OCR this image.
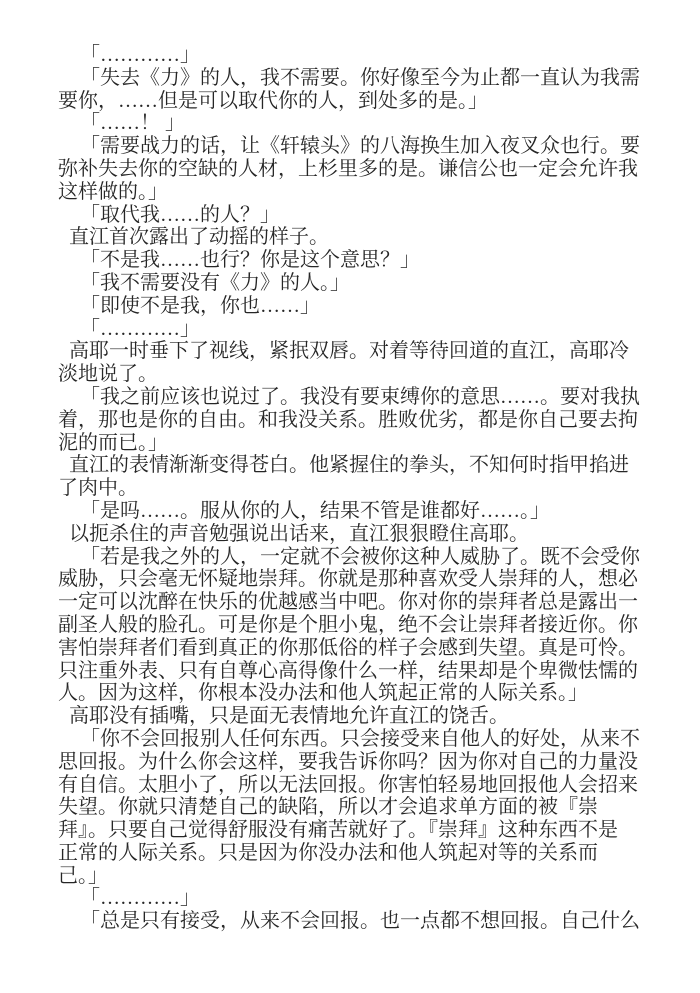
「…………」
「失去《力》的人，我不需要。你好像至今为止都一直认为我需
要你，……但是可以取代你的人，到处多的是。」
「……！ 」
「需要战力的话，让《轩辕头》的八海换生加入夜叉众也行。要
弥补失去你的空缺的人材，上杉里多的是。谦信公也一定会允许我
这样做的。」
「取代我……的人？」
直江首次露出了动摇的样子。
「不是我……也行？你是这个意思？」
「我不需要没有《力》的人。」
「即使不是我，你也……」
「…………」
高耶一时垂下了视线，紧抿双唇。对着等待回道的直江，高耶冷
淡地说了。
「我之前应该也说过了。我没有要束缚你的意思……。要对我执
着，那也是你的自由。和我没关系。胜败优劣，都是你自己要去拘
泥的而已。」
直江的表情渐渐变得苍白。他紧握住的拳头，不知何时指甲掐进
了肉中。
「是吗……。服从你的人，结果不管是谁都好……。」
以扼杀住的声音勉强说出话来，直江狠狠瞪住高耶。
「若是我之外的人，一定就不会被你这种人威胁了。既不会受你
威胁，只会毫无怀疑地崇拜。你就是那种喜欢受人崇拜的人，想必
一定可以沈醉在快乐的优越感当中吧。你对你的崇拜者总是露出一
副圣人般的脸孔。可是你是个胆小鬼，绝不会让崇拜者接近你。你
害怕崇拜者们看到真正的你那低俗的样子会感到失望。真是可怜。
只注重外表、只有自尊心高得像什么一样，结果却是个卑微怯懦的
人。因为这样，你根本没办法和他人筑起正常的人际关系。」
高耶没有插嘴，只是面无表情地允许直江的饶舌。
「你不会回报别人任何东西。只会接受来自他人的好处，从来不
思回报。为什么你会这样，要我告诉你吗？因为你对自己的力量没
有自信。太胆小了，所以无法回报。你害怕轻易地回报他人会招来
失望。你就只清楚自己的缺陷，所以才会追求单方面的被『崇
拜』。只要自己觉得舒服没有痛苦就好了。『崇拜』这种东西不是
正常的人际关系。只是因为你没办法和他人筑起对等的关系而
己。」
「…………」
「总是只有接受，从来不会回报。也一点都不想回报。自己什么
